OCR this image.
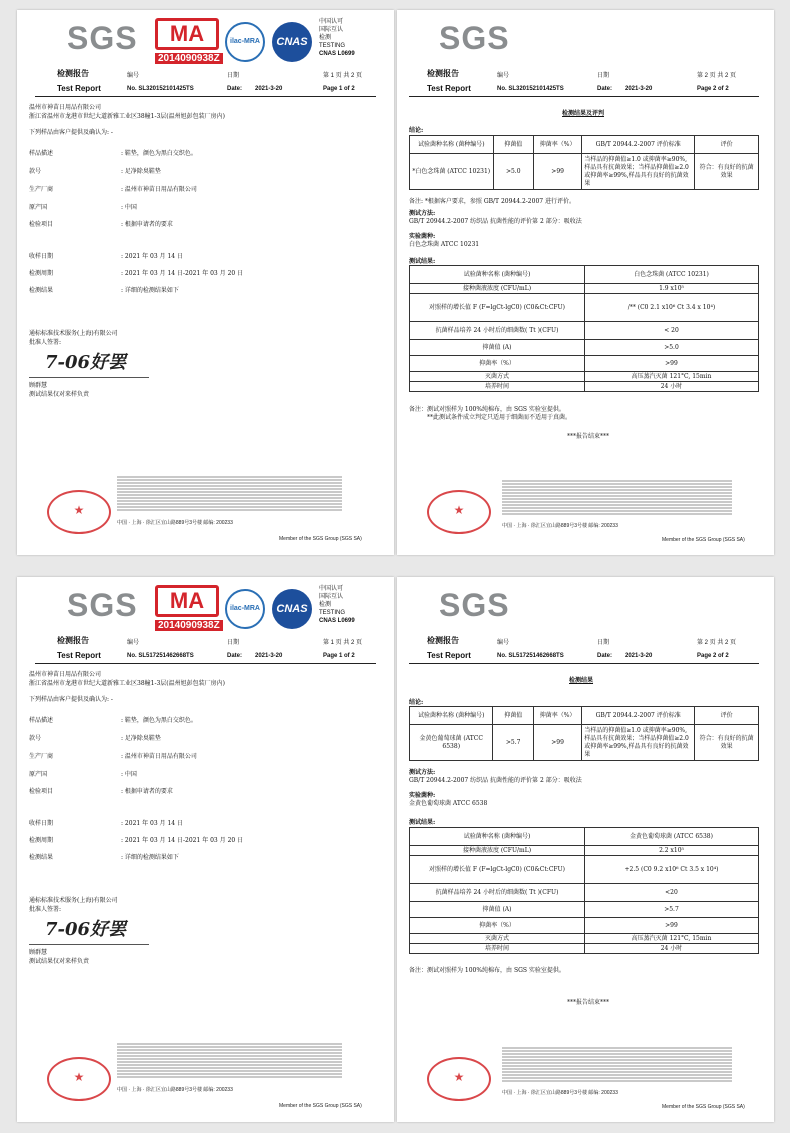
SGS	MA
2014090938Z
ilac-MRA	CNAS
中国认可
国际互认
检测
TESTING
CNAS L0699
检测报告	编号	日期	第 1 页 共 2 页
Test Report	No. SL320152101425TS	Date: 2021-3-20	Page 1 of 2
温州市神苗日用品有限公司
浙江省温州市龙港市世纪大道新雅工业区38幢1-3层(温州旭彭包装厂房内)
下列样品由客户提供及确认为: -
样品描述	: 鞋垫，颜色为黑白交织色。
款号	: 足净除臭鞋垫
生产厂商	: 温州市神苗日用品有限公司
原产国	: 中国
检验项目	: 根据申请者的要求
收样日期	: 2021 年 03 月 14 日
检测周期	: 2021 年 03 月 14 日-2021 年 03 月 20 日
检测结果	: 详细的检测结果如下
通标标准技术服务(上海)有限公司
批准人签署:
7-06好罢
顾群慧
测试结果仅对来样负责
★
中国 · 上海 · 徐汇区宜山路889号3号楼 邮编: 200233
Member of the SGS Group (SGS SA)
SGS
检测报告	编号	日期	第 2 页 共 2 页
Test Report	No. SL320152101425TS	Date: 2021-3-20	Page 2 of 2
检测结果及评判
结论:
试验菌种名称 (菌种编号)	抑菌值	抑菌率（%）	GB/T 20944.2-2007 评价标准	评价
*白色念珠菌 (ATCC 10231)	>5.0	>99	当样品的抑菌值≥1.0 或抑菌率≥90%, 样品具有抗菌效果；当样品抑菌值≥2.0 或抑菌率≥99%,样品具有良好的抗菌效果	符合：有良好的抗菌效果
备注: *根据客户要求，参照 GB/T 20944.2-2007 进行评价。
测试方法:
GB/T 20944.2-2007 纺织品 抗菌性能的评价第 2 部分：吸收法
实验菌种:
白色念珠菌 ATCC 10231
测试结果:
试验菌种名称 (菌种编号)	白色念珠菌 (ATCC 10231)
接种菌液浓度 (CFU/mL)	1.9 x10⁵
对照样的增长值 F (F=lgCt-lgC0) (C0&Ct:CFU)	/** (C0 2.1 x10⁶ Ct 3.4 x 10⁴)
抗菌样品培养 24 小时后的细菌数( Tt )(CFU)	< 20
抑菌值 (A)	>5.0
抑菌率（%）	>99
灭菌方式	高压蒸汽灭菌 121°C, 15min
培养时间	24 小时
备注：测试对照样为 100%纯棉布，由 SGS 实验室提供。
**此测试条件成立判定只适用于细菌而不适用于真菌。
***报告结束***
★
中国 · 上海 · 徐汇区宜山路889号3号楼 邮编: 200233
Member of the SGS Group (SGS SA)
SGS	MA
2014090938Z
ilac-MRA	CNAS
中国认可
国际互认
检测
TESTING
CNAS L0699
检测报告	编号	日期	第 1 页 共 2 页
Test Report	No. SL517251462668TS	Date: 2021-3-20	Page 1 of 2
温州市神苗日用品有限公司
浙江省温州市龙港市世纪大道新雅工业区38幢1-3层(温州旭彭包装厂房内)
下列样品由客户提供及确认为: -
样品描述	: 鞋垫，颜色为黑白交织色。
款号	: 足净除臭鞋垫
生产厂商	: 温州市神苗日用品有限公司
原产国	: 中国
检验项目	: 根据申请者的要求
收样日期	: 2021 年 03 月 14 日
检测周期	: 2021 年 03 月 14 日-2021 年 03 月 20 日
检测结果	: 详细的检测结果如下
通标标准技术服务(上海)有限公司
批准人签署:
7-06好罢
顾群慧
测试结果仅对来样负责
★
中国 · 上海 · 徐汇区宜山路889号3号楼 邮编: 200233
Member of the SGS Group (SGS SA)
SGS
检测报告	编号	日期	第 2 页 共 2 页
Test Report	No. SL517251462668TS	Date: 2021-3-20	Page 2 of 2
检测结果
结论:
试验菌种名称 (菌种编号)	抑菌值	抑菌率（%）	GB/T 20944.2-2007 评价标准	评价
金黄色葡萄球菌 (ATCC 6538)	>5.7	>99	当样品的抑菌值≥1.0 或抑菌率≥90%, 样品具有抗菌效果；当样品抑菌值≥2.0 或抑菌率≥99%,样品具有良好的抗菌效果	符合：有良好的抗菌效果
测试方法:
GB/T 20944.2-2007 纺织品 抗菌性能的评价第 2 部分：吸收法
实验菌种:
金黄色葡萄球菌 ATCC 6538
测试结果:
试验菌种名称 (菌种编号)	金黄色葡萄球菌 (ATCC 6538)
接种菌液浓度 (CFU/mL)	2.2 x10⁵
对照样的增长值 F (F=lgCt-lgC0) (C0&Ct:CFU)	+2.5 (C0 9.2 x10⁶ Ct 3.5 x 10⁴)
抗菌样品培养 24 小时后的细菌数( Tt )(CFU)	<20
抑菌值 (A)	>5.7
抑菌率（%）	>99
灭菌方式	高压蒸汽灭菌 121°C, 15min
培养时间	24 小时
备注：测试对照样为 100%纯棉布，由 SGS 实验室提供。
***报告结束***
★
中国 · 上海 · 徐汇区宜山路889号3号楼 邮编: 200233
Member of the SGS Group (SGS SA)
